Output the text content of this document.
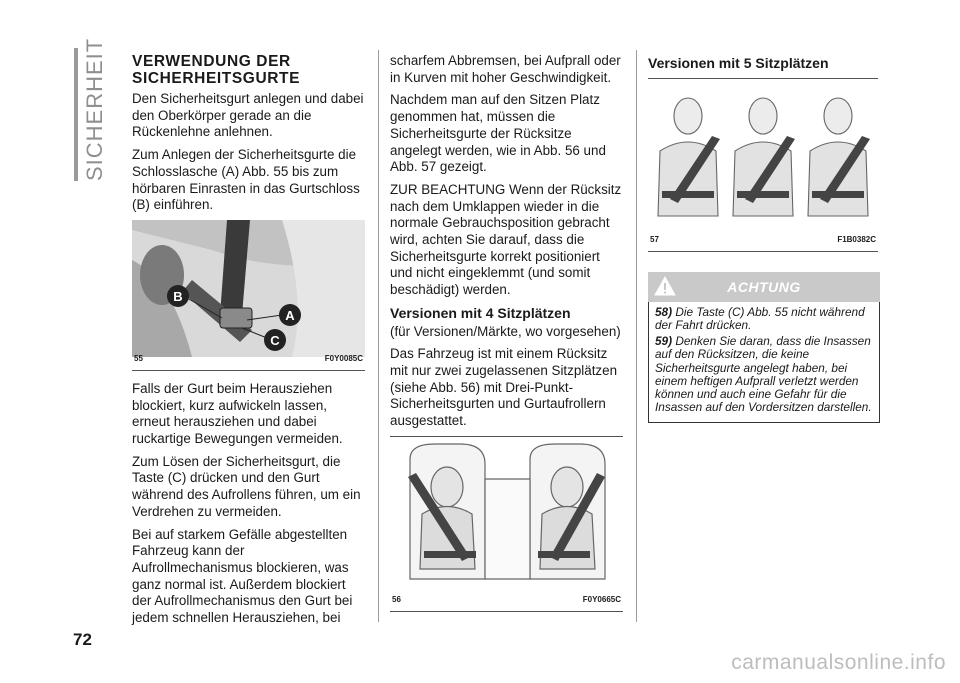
SICHERHEIT VERWENDUNG DER SICHERHEITSGURTE

Den Sicherheitsgurt anlegen und dabei den Oberkörper gerade an die Rückenlehne anlehnen.

Zum Anlegen der Sicherheitsgurte die Schlosslasche (A) Abb. 55 bis zum hörbaren Einrasten in das Gurtschloss (B) einführen.

B
A
C
55	F0Y0085C

Falls der Gurt beim Herausziehen blockiert, kurz aufwickeln lassen, erneut herausziehen und dabei ruckartige Bewegungen vermeiden.

Zum Lösen der Sicherheitsgurt, die Taste (C) drücken und den Gurt während des Aufrollens führen, um ein Verdrehen zu vermeiden.

Bei auf starkem Gefälle abgestellten Fahrzeug kann der Aufrollmechanismus blockieren, was ganz normal ist. Außerdem blockiert der Aufrollmechanismus den Gurt bei jedem schnellen Herausziehen, bei

scharfem Abbremsen, bei Aufprall oder in Kurven mit hoher Geschwindigkeit.

Nachdem man auf den Sitzen Platz genommen hat, müssen die Sicherheitsgurte der Rücksitze angelegt werden, wie in Abb. 56 und Abb. 57 gezeigt.

ZUR BEACHTUNG Wenn der Rücksitz nach dem Umklappen wieder in die normale Gebrauchsposition gebracht wird, achten Sie darauf, dass die Sicherheitsgurte korrekt positioniert und nicht eingeklemmt (und somit beschädigt) werden.

Versionen mit 4 Sitzplätzen

(für Versionen/Märkte, wo vorgesehen)

Das Fahrzeug ist mit einem Rücksitz mit nur zwei zugelassenen Sitzplätzen (siehe Abb. 56) mit Drei-Punkt-Sicherheitsgurten und Gurtaufrollern ausgestattet.

56	F0Y0665C
Versionen mit 5 Sitzplätzen
57	F1B0382C
ACHTUNG

58) Die Taste (C) Abb. 55 nicht während der Fahrt drücken.

59) Denken Sie daran, dass die Insassen auf den Rücksitzen, die keine Sicherheitsgurte angelegt haben, bei einem heftigen Aufprall verletzt werden können und auch eine Gefahr für die Insassen auf den Vordersitzen darstellen.

72
carmanualsonline.info
